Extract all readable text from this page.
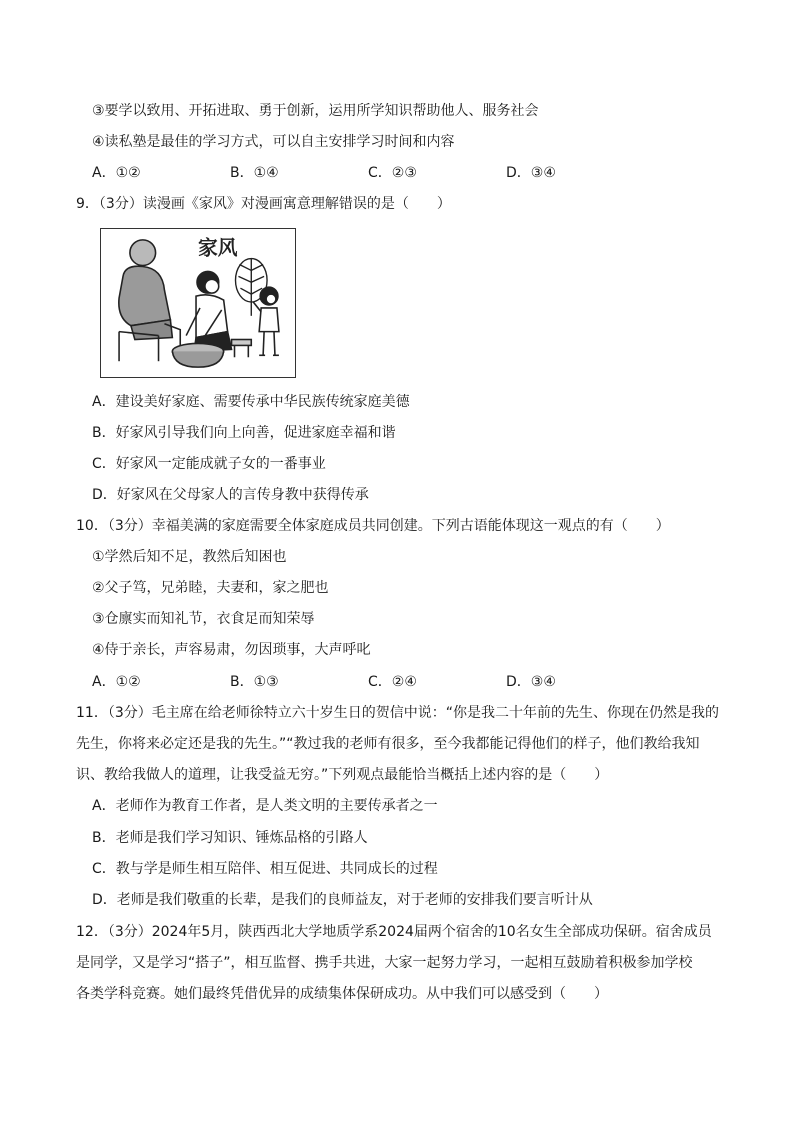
③要学以致用、开拓进取、勇于创新，运用所学知识帮助他人、服务社会
④读私塾是最佳的学习方式，可以自主安排学习时间和内容
A．①②	B．①④	C．②③	D．③④
9．（3分）读漫画《家风》对漫画寓意理解错误的是（　　）
家风
A．建设美好家庭、需要传承中华民族传统家庭美德
B．好家风引导我们向上向善，促进家庭幸福和谐
C．好家风一定能成就子女的一番事业
D．好家风在父母家人的言传身教中获得传承
10．（3分）幸福美满的家庭需要全体家庭成员共同创建。下列古语能体现这一观点的有（　　）
①学然后知不足，教然后知困也
②父子笃，兄弟睦，夫妻和，家之肥也
③仓廪实而知礼节，衣食足而知荣辱
④侍于亲长，声容易肃，勿因琐事，大声呼叱
A．①②	B．①③	C．②④	D．③④
11．（3分）毛主席在给老师徐特立六十岁生日的贺信中说：“你是我二十年前的先生、你现在仍然是我的
先生，你将来必定还是我的先生。”“教过我的老师有很多，至今我都能记得他们的样子，他们教给我知
识、教给我做人的道理，让我受益无穷。”下列观点最能恰当概括上述内容的是（　　）
A．老师作为教育工作者，是人类文明的主要传承者之一
B．老师是我们学习知识、锤炼品格的引路人
C．教与学是师生相互陪伴、相互促进、共同成长的过程
D．老师是我们敬重的长辈，是我们的良师益友，对于老师的安排我们要言听计从
12．（3分）2024年5月，陕西西北大学地质学系2024届两个宿舍的10名女生全部成功保研。宿舍成员
是同学，又是学习“搭子”，相互监督、携手共进，大家一起努力学习，一起相互鼓励着积极参加学校
各类学科竞赛。她们最终凭借优异的成绩集体保研成功。从中我们可以感受到（　　）
